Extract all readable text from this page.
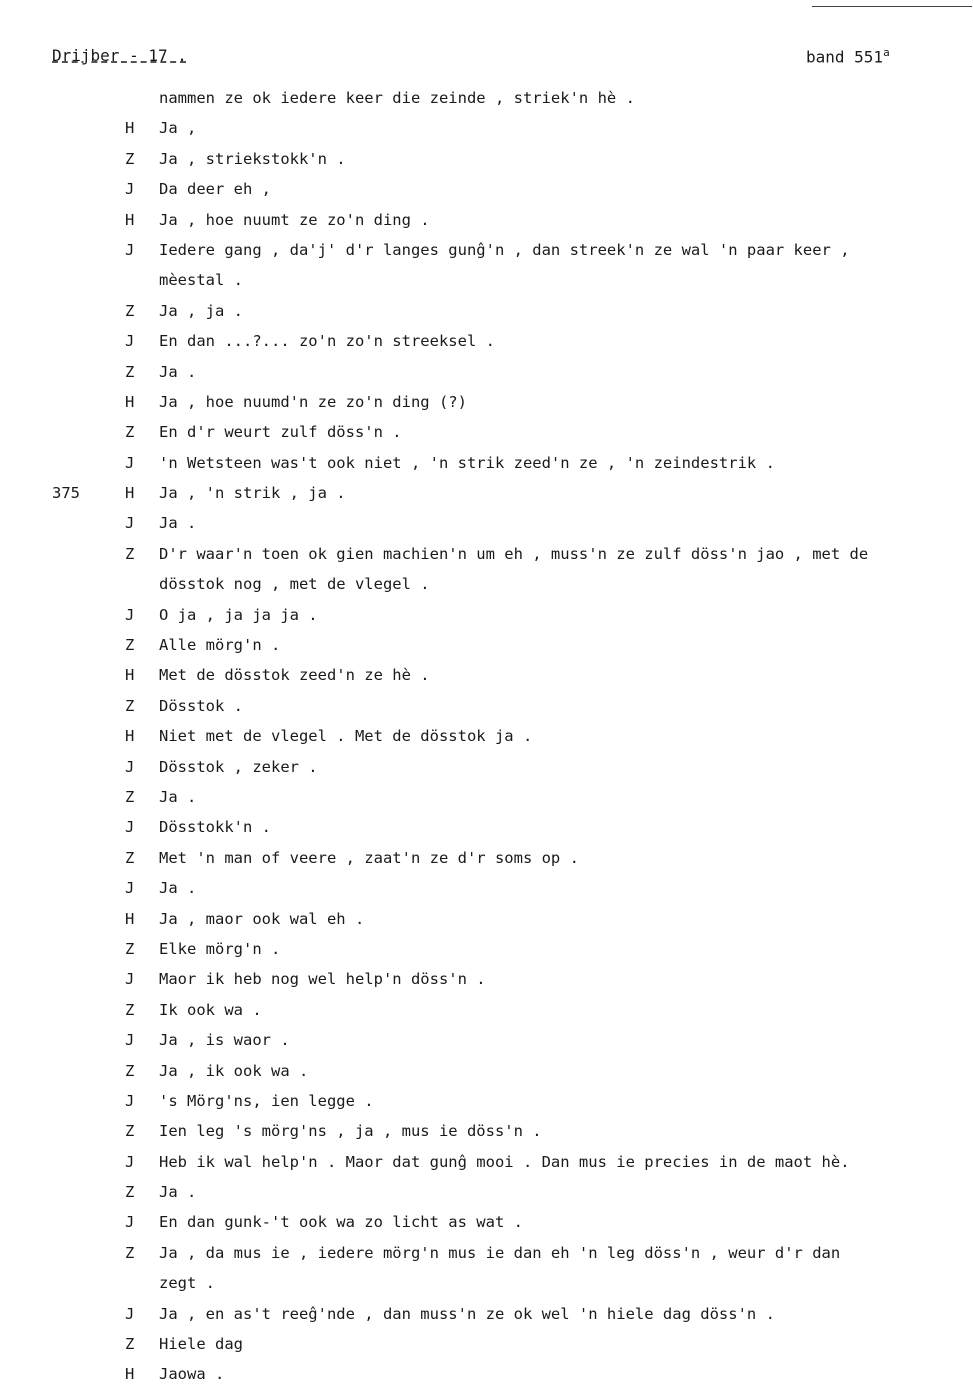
Drijber - 17 .	band 551$^a$
nammen ze ok iedere keer die zeinde , striek'n hè .
H Ja ,
Z Ja , striekstokk'n .
J Da deer eh ,
H Ja , hoe nuumt ze zo'n ding .
J Iedere gang , da'j' d'r langes gunĝ'n , dan streek'n ze wal 'n paar keer ,
mèestal .
Z Ja , ja .
J En dan ...?... zo'n zo'n streeksel .
Z Ja .
H Ja , hoe nuumd'n ze zo'n ding (?)
Z En d'r weurt zulf döss'n .
J 'n Wetsteen was't ook niet , 'n strik zeed'n ze , 'n zeindestrik .
375	H Ja , 'n strik , ja .
J Ja .
Z D'r waar'n toen ok gien machien'n um eh , muss'n ze zulf döss'n jao , met de
dösstok nog , met de vlegel .
J O ja , ja ja ja .
Z Alle mörg'n .
H Met de dösstok zeed'n ze hè .
Z Dösstok .
H Niet met de vlegel . Met de dösstok ja .
J Dösstok , zeker .
Z Ja .
J Dösstokk'n .
Z Met 'n man of veere , zaat'n ze d'r soms op .
J Ja .
H Ja , maor ook wal eh .
Z Elke mörg'n .
J Maor ik heb nog wel help'n döss'n .
Z Ik ook wa .
J Ja , is waor .
Z Ja , ik ook wa .
J 's Mörg'ns, ien legge .
Z Ien leg 's mörg'ns , ja , mus ie döss'n .
J Heb ik wal help'n . Maor dat gunĝ mooi . Dan mus ie precies in de maot hè.
Z Ja .
J En dan gunk-'t ook wa zo licht as wat .
Z Ja , da mus ie , iedere mörg'n mus ie dan eh 'n leg döss'n , weur d'r dan
zegt .
J Ja , en as't reeĝ'nde , dan muss'n ze ok wel 'n hiele dag döss'n .
Z Hiele dag
H Jaowa .
